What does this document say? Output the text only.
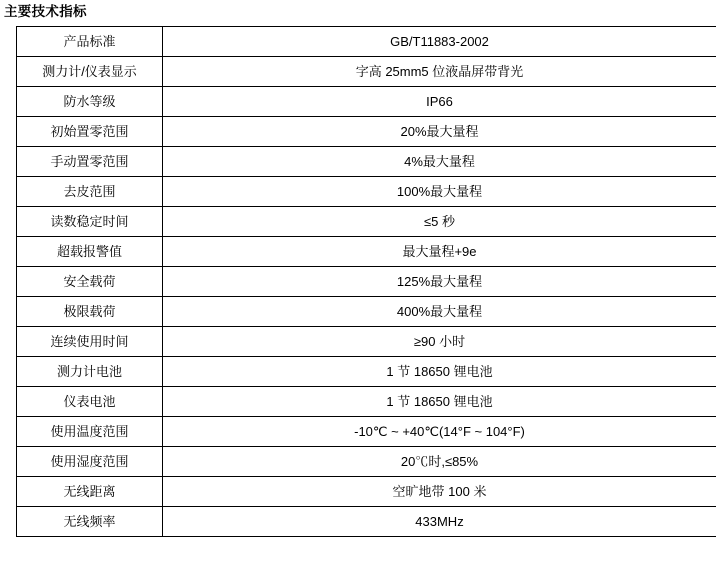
主要技术指标
产品标准	GB/T11883-2002
测力计/仪表显示	字高 25mm5 位液晶屏带背光
防水等级	IP66
初始置零范围	20%最大量程
手动置零范围	4%最大量程
去皮范围	100%最大量程
读数稳定时间	≤5 秒
超载报警值	最大量程+9e
安全载荷	125%最大量程
极限载荷	400%最大量程
连续使用时间	≥90 小时
测力计电池	1 节 18650 锂电池
仪表电池	1 节 18650 锂电池
使用温度范围	-10℃ ~ +40℃(14°F ~ 104°F)
使用湿度范围	20℃时,≤85%
无线距离	空旷地带 100 米
无线频率	433MHz
